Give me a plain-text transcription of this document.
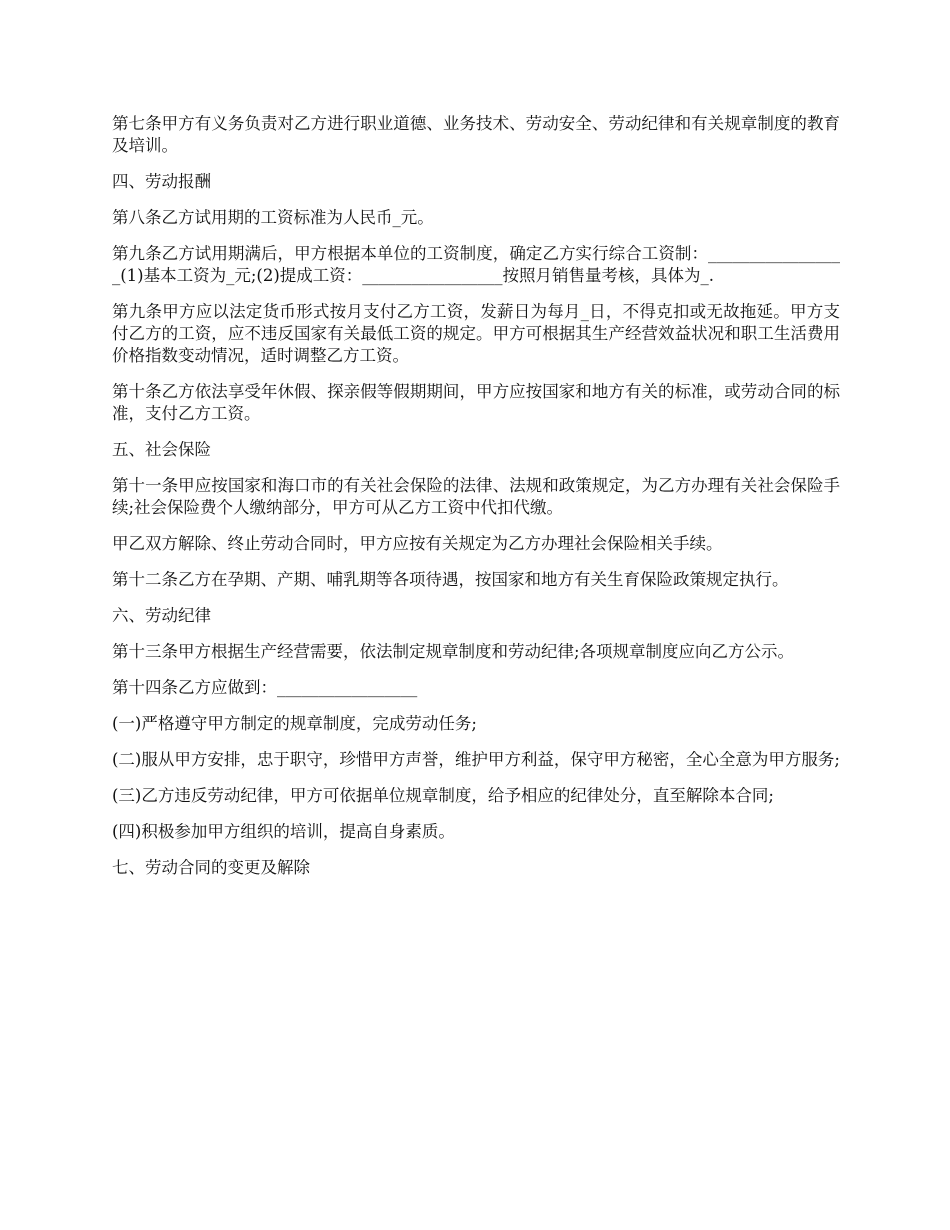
第七条甲方有义务负责对乙方进行职业道德、业务技术、劳动安全、劳动纪律和有关规章制度的教育及培训。

四、劳动报酬

第八条乙方试用期的工资标准为人民币_元。

第九条乙方试用期满后，甲方根据本单位的工资制度，确定乙方实行综合工资制：_________________(1)基本工资为_元;(2)提成工资：_________________按照月销售量考核，具体为_.

第九条甲方应以法定货币形式按月支付乙方工资，发薪日为每月_日，不得克扣或无故拖延。甲方支付乙方的工资，应不违反国家有关最低工资的规定。甲方可根据其生产经营效益状况和职工生活费用价格指数变动情况，适时调整乙方工资。

第十条乙方依法享受年休假、探亲假等假期期间，甲方应按国家和地方有关的标准，或劳动合同的标准，支付乙方工资。

五、社会保险

第十一条甲应按国家和海口市的有关社会保险的法律、法规和政策规定，为乙方办理有关社会保险手续;社会保险费个人缴纳部分，甲方可从乙方工资中代扣代缴。

甲乙双方解除、终止劳动合同时，甲方应按有关规定为乙方办理社会保险相关手续。

第十二条乙方在孕期、产期、哺乳期等各项待遇，按国家和地方有关生育保险政策规定执行。

六、劳动纪律

第十三条甲方根据生产经营需要，依法制定规章制度和劳动纪律;各项规章制度应向乙方公示。

第十四条乙方应做到：_________________

(一)严格遵守甲方制定的规章制度，完成劳动任务;

(二)服从甲方安排，忠于职守，珍惜甲方声誉，维护甲方利益，保守甲方秘密，全心全意为甲方服务;

(三)乙方违反劳动纪律，甲方可依据单位规章制度，给予相应的纪律处分，直至解除本合同;

(四)积极参加甲方组织的培训，提高自身素质。

七、劳动合同的变更及解除
